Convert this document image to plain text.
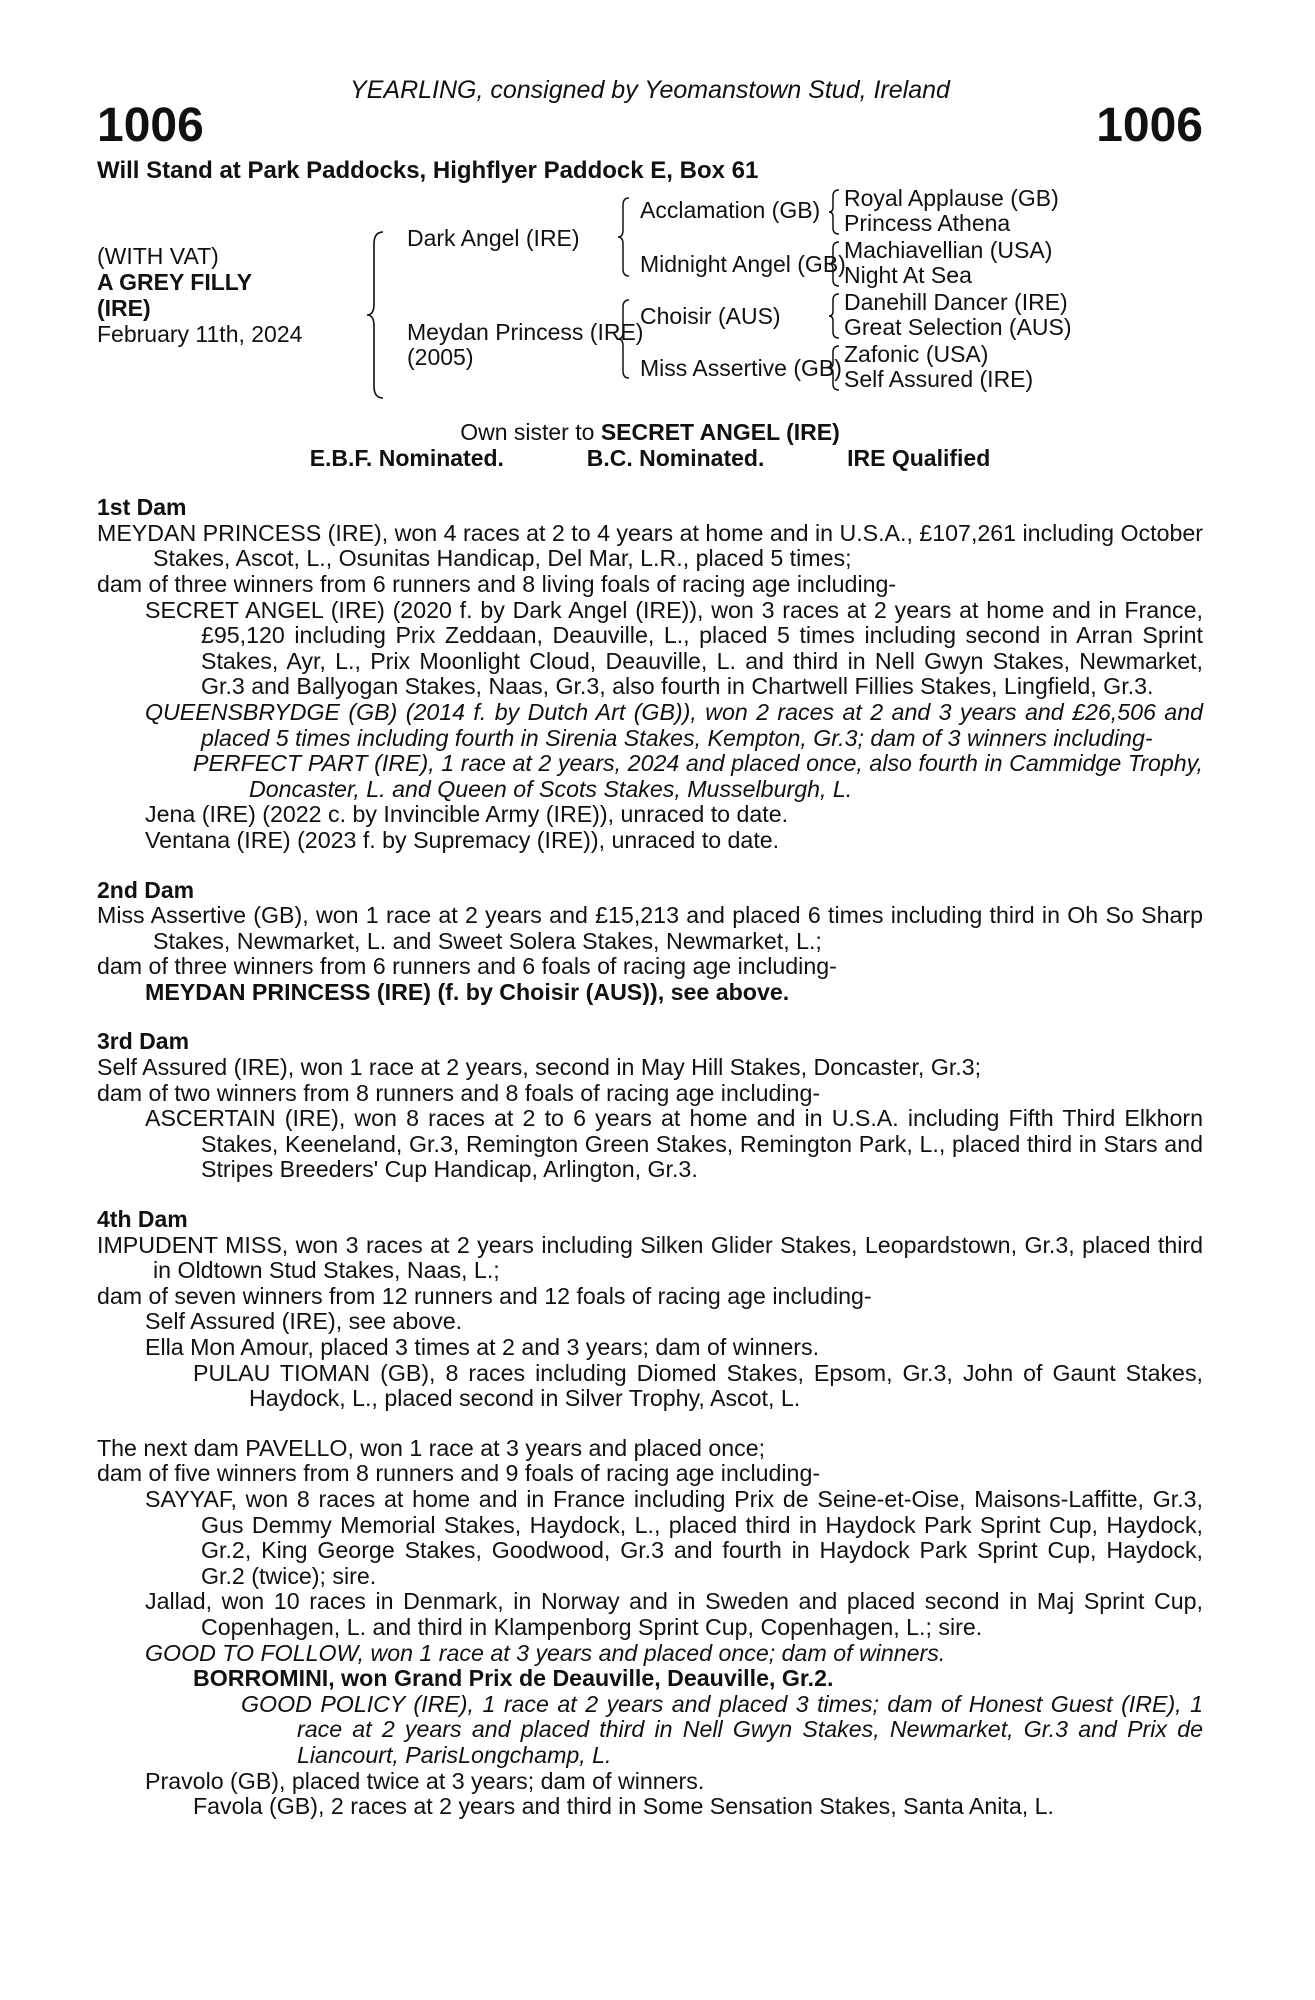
YEARLING, consigned by Yeomanstown Stud, Ireland
1006	1006
Will Stand at Park Paddocks, Highflyer Paddock E, Box 61
(WITH VAT)
A GREY FILLY
(IRE)
February 11th, 2024
Dark Angel (IRE)
Meydan Princess (IRE)
(2005)
Acclamation (GB)
Midnight Angel (GB)
Choisir (AUS)
Miss Assertive (GB)
Royal Applause (GB)
Princess Athena
Machiavellian (USA)
Night At Sea
Danehill Dancer (IRE)
Great Selection (AUS)
Zafonic (USA)
Self Assured (IRE)
Own sister to SECRET ANGEL (IRE)
E.B.F. Nominated.	B.C. Nominated.	IRE Qualified
1st Dam
MEYDAN PRINCESS (IRE), won 4 races at 2 to 4 years at home and in U.S.A., £107,261 including October Stakes, Ascot, L., Osunitas Handicap, Del Mar, L.R., placed 5 times;
dam of three winners from 6 runners and 8 living foals of racing age including-
SECRET ANGEL (IRE) (2020 f. by Dark Angel (IRE)), won 3 races at 2 years at home and in France, £95,120 including Prix Zeddaan, Deauville, L., placed 5 times including second in Arran Sprint Stakes, Ayr, L., Prix Moonlight Cloud, Deauville, L. and third in Nell Gwyn Stakes, Newmarket, Gr.3 and Ballyogan Stakes, Naas, Gr.3, also fourth in Chartwell Fillies Stakes, Lingfield, Gr.3.
QUEENSBRYDGE (GB) (2014 f. by Dutch Art (GB)), won 2 races at 2 and 3 years and £26,506 and placed 5 times including fourth in Sirenia Stakes, Kempton, Gr.3; dam of 3 winners including-
PERFECT PART (IRE), 1 race at 2 years, 2024 and placed once, also fourth in Cammidge Trophy, Doncaster, L. and Queen of Scots Stakes, Musselburgh, L.
Jena (IRE) (2022 c. by Invincible Army (IRE)), unraced to date.
Ventana (IRE) (2023 f. by Supremacy (IRE)), unraced to date.
2nd Dam
Miss Assertive (GB), won 1 race at 2 years and £15,213 and placed 6 times including third in Oh So Sharp Stakes, Newmarket, L. and Sweet Solera Stakes, Newmarket, L.;
dam of three winners from 6 runners and 6 foals of racing age including-
MEYDAN PRINCESS (IRE) (f. by Choisir (AUS)), see above.
3rd Dam
Self Assured (IRE), won 1 race at 2 years, second in May Hill Stakes, Doncaster, Gr.3;
dam of two winners from 8 runners and 8 foals of racing age including-
ASCERTAIN (IRE), won 8 races at 2 to 6 years at home and in U.S.A. including Fifth Third Elkhorn Stakes, Keeneland, Gr.3, Remington Green Stakes, Remington Park, L., placed third in Stars and Stripes Breeders' Cup Handicap, Arlington, Gr.3.
4th Dam
IMPUDENT MISS, won 3 races at 2 years including Silken Glider Stakes, Leopardstown, Gr.3, placed third in Oldtown Stud Stakes, Naas, L.;
dam of seven winners from 12 runners and 12 foals of racing age including-
Self Assured (IRE), see above.
Ella Mon Amour, placed 3 times at 2 and 3 years; dam of winners.
PULAU TIOMAN (GB), 8 races including Diomed Stakes, Epsom, Gr.3, John of Gaunt Stakes, Haydock, L., placed second in Silver Trophy, Ascot, L.
The next dam PAVELLO, won 1 race at 3 years and placed once;
dam of five winners from 8 runners and 9 foals of racing age including-
SAYYAF, won 8 races at home and in France including Prix de Seine-et-Oise, Maisons-Laffitte, Gr.3, Gus Demmy Memorial Stakes, Haydock, L., placed third in Haydock Park Sprint Cup, Haydock, Gr.2, King George Stakes, Goodwood, Gr.3 and fourth in Haydock Park Sprint Cup, Haydock, Gr.2 (twice); sire.
Jallad, won 10 races in Denmark, in Norway and in Sweden and placed second in Maj Sprint Cup, Copenhagen, L. and third in Klampenborg Sprint Cup, Copenhagen, L.; sire.
GOOD TO FOLLOW, won 1 race at 3 years and placed once; dam of winners.
BORROMINI, won Grand Prix de Deauville, Deauville, Gr.2.
GOOD POLICY (IRE), 1 race at 2 years and placed 3 times; dam of Honest Guest (IRE), 1 race at 2 years and placed third in Nell Gwyn Stakes, Newmarket, Gr.3 and Prix de Liancourt, ParisLongchamp, L.
Pravolo (GB), placed twice at 3 years; dam of winners.
Favola (GB), 2 races at 2 years and third in Some Sensation Stakes, Santa Anita, L.
